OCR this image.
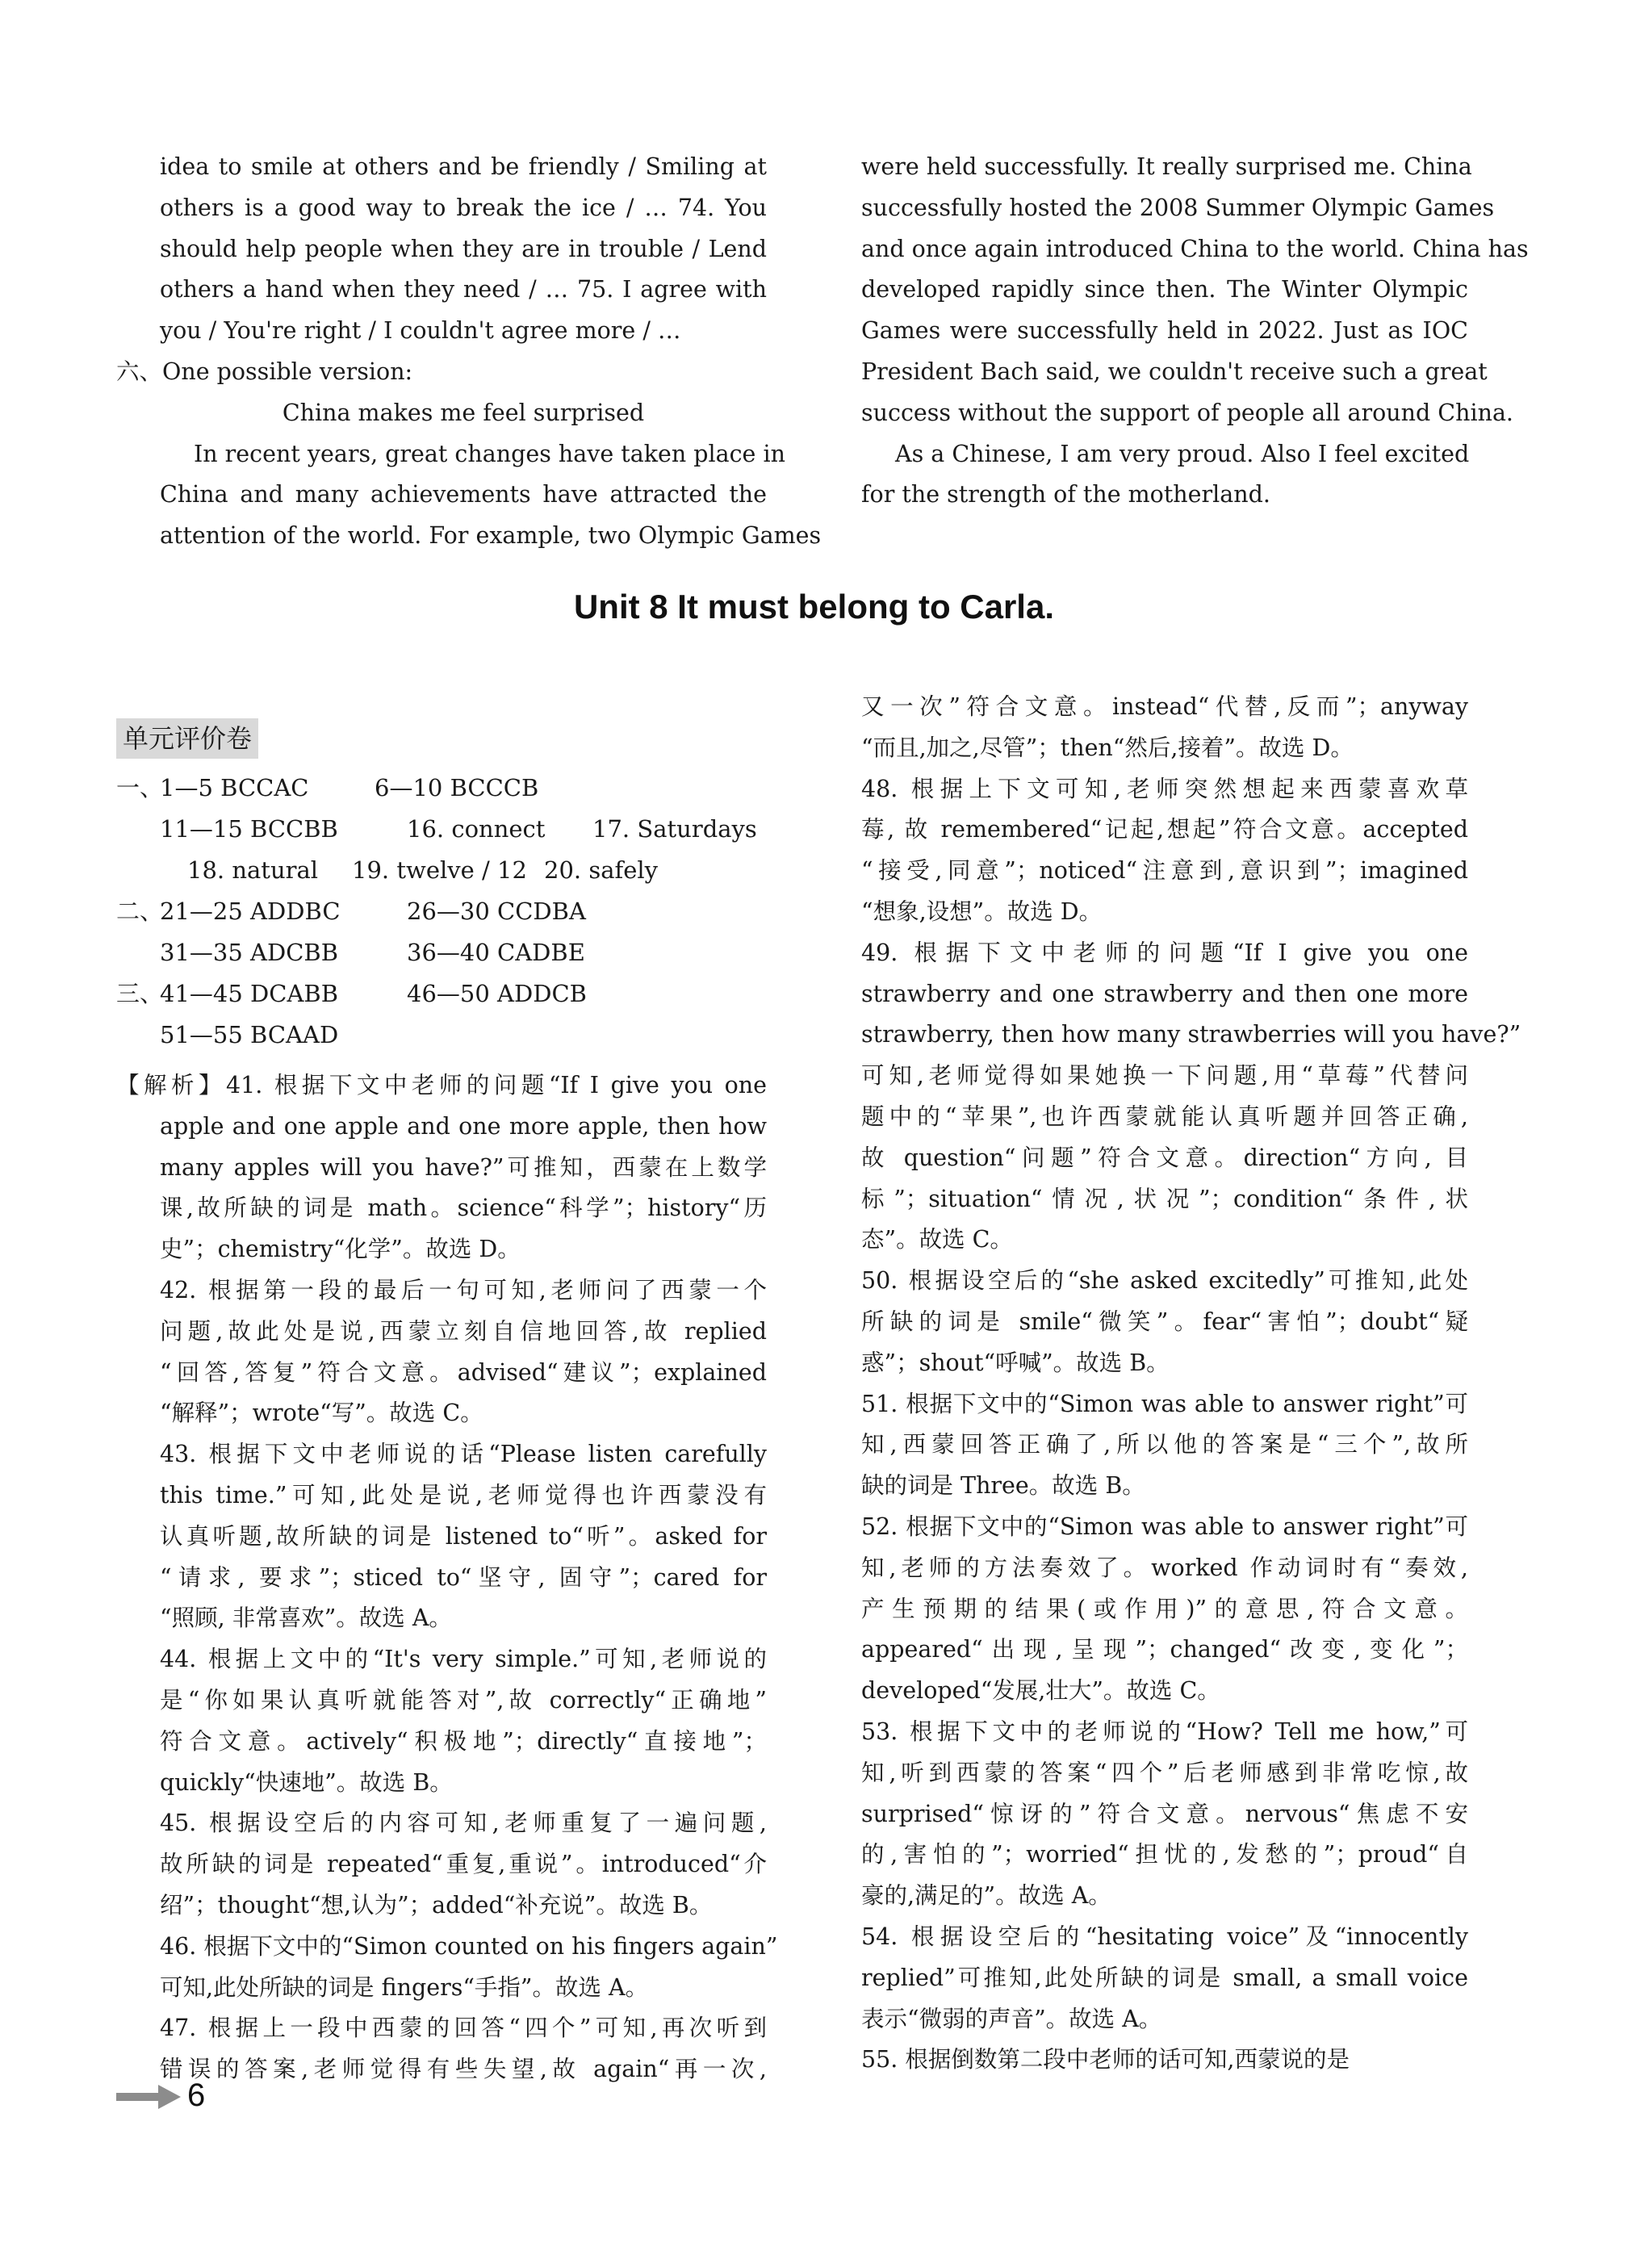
idea to smile at others and be friendly / Smiling at
others is a good way to break the ice / … 74. You
should help people when they are in trouble / Lend
others a hand when they need / … 75. I agree with
you / You're right / I couldn't agree more / …
六、One possible version:
China makes me feel surprised
In recent years, great changes have taken place in
China and many achievements have attracted the
attention of the world. For example, two Olympic Games
were held successfully. It really surprised me. China
successfully hosted the 2008 Summer Olympic Games
and once again introduced China to the world. China has
developed rapidly since then. The Winter Olympic
Games were successfully held in 2022. Just as IOC
President Bach said, we couldn't receive such a great
success without the support of people all around China.
As a Chinese, I am very proud. Also I feel excited
for the strength of the motherland.
Unit 8 It must belong to Carla.
单元评价卷
一、
1—5 BCCAC	6—10 BCCCB
11—15 BCCBB	16. connect 17. Saturdays
18. natural 19. twelve / 12 20. safely
二、
21—25 ADDBC	26—30 CCDBA
31—35 ADCBB	36—40 CADBE
三、
41—45 DCABB	46—50 ADDCB
51—55 BCAAD
【解析】41. 根据下文中老师的问题“If I give you one
apple and one apple and one more apple, then how
many apples will you have?”可推知，西蒙在上数学
课,故所缺的词是 math。science“科学”；history“历
史”；chemistry“化学”。故选 D。
42. 根据第一段的最后一句可知,老师问了西蒙一个
问题,故此处是说,西蒙立刻自信地回答,故 replied
“回答,答复”符合文意。advised“建议”；explained
“解释”；wrote“写”。故选 C。
43. 根据下文中老师说的话“Please listen carefully
this time.”可知,此处是说,老师觉得也许西蒙没有
认真听题,故所缺的词是 listened to“听”。asked for
“请求, 要求”；sticed to“坚守, 固守”；cared for
“照顾, 非常喜欢”。故选 A。
44. 根据上文中的“It's very simple.”可知,老师说的
是“你如果认真听就能答对”,故 correctly“正确地”
符合文意。actively“积极地”；directly“直接地”；
quickly“快速地”。故选 B。
45. 根据设空后的内容可知,老师重复了一遍问题,
故所缺的词是 repeated“重复,重说”。introduced“介
绍”；thought“想,认为”；added“补充说”。故选 B。
46. 根据下文中的“Simon counted on his fingers again”
可知,此处所缺的词是 fingers“手指”。故选 A。
47. 根据上一段中西蒙的回答“四个”可知,再次听到
错误的答案,老师觉得有些失望,故 again“再一次,
又一次”符合文意。instead“代替,反而”；anyway
“而且,加之,尽管”；then“然后,接着”。故选 D。
48. 根据上下文可知,老师突然想起来西蒙喜欢草
莓, 故 remembered“记起,想起”符合文意。accepted
“接受,同意”；noticed“注意到,意识到”；imagined
“想象,设想”。故选 D。
49. 根据下文中老师的问题“If I give you one
strawberry and one strawberry and then one more
strawberry, then how many strawberries will you have?”
可知,老师觉得如果她换一下问题,用“草莓”代替问
题中的“苹果”,也许西蒙就能认真听题并回答正确,
故 question“问题”符合文意。direction“方向, 目
标”；situation“情况,状况”；condition“条件,状
态”。故选 C。
50. 根据设空后的“she asked excitedly”可推知,此处
所缺的词是 smile“微笑”。fear“害怕”；doubt“疑
惑”；shout“呼喊”。故选 B。
51. 根据下文中的“Simon was able to answer right”可
知,西蒙回答正确了,所以他的答案是“三个”,故所
缺的词是 Three。故选 B。
52. 根据下文中的“Simon was able to answer right”可
知,老师的方法奏效了。worked 作动词时有“奏效,
产生预期的结果(或作用)”的意思,符合文意。
appeared“出现,呈现”；changed“改变,变化”；
developed“发展,壮大”。故选 C。
53. 根据下文中的老师说的“How? Tell me how,”可
知,听到西蒙的答案“四个”后老师感到非常吃惊,故
surprised“惊讶的”符合文意。nervous“焦虑不安
的,害怕的”；worried“担忧的,发愁的”；proud“自
豪的,满足的”。故选 A。
54. 根据设空后的“hesitating voice”及“innocently
replied”可推知,此处所缺的词是 small, a small voice
表示“微弱的声音”。故选 A。
55. 根据倒数第二段中老师的话可知,西蒙说的是
6
